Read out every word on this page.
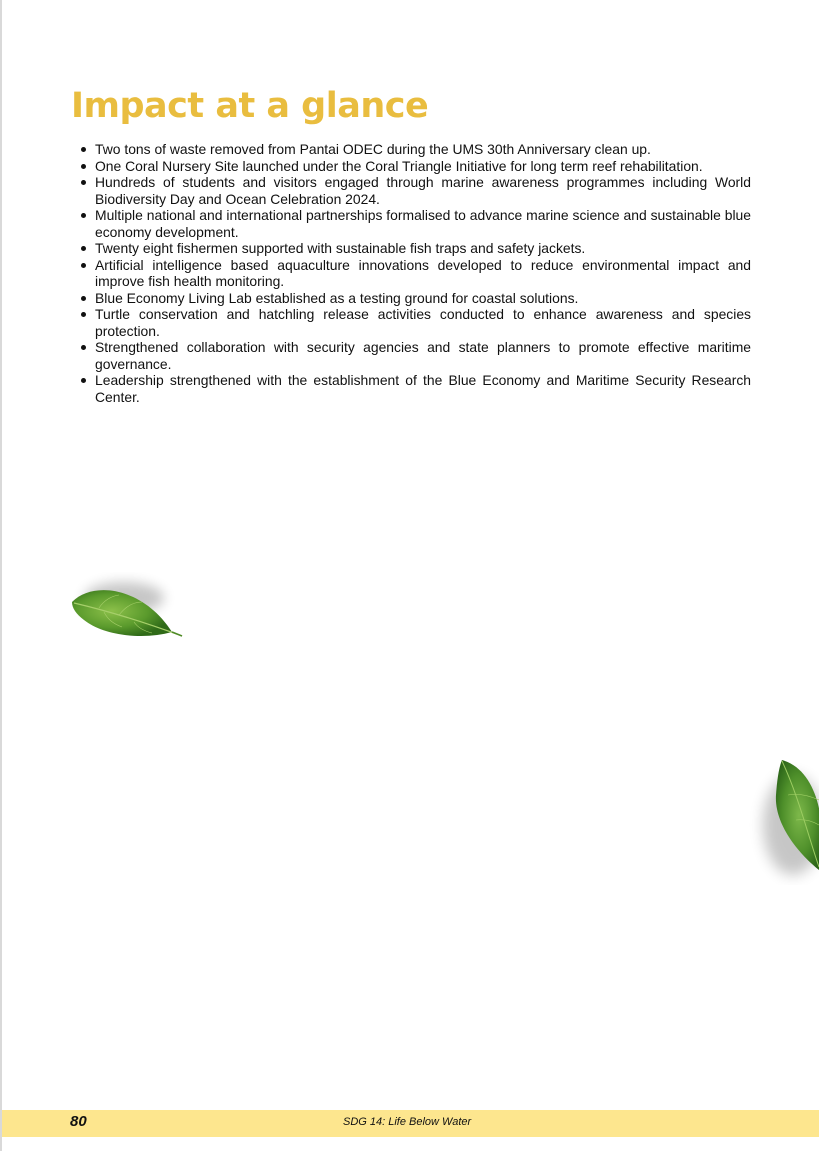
Impact at a glance
Two tons of waste removed from Pantai ODEC during the UMS 30th Anniversary clean up.
One Coral Nursery Site launched under the Coral Triangle Initiative for long term reef rehabilitation.
Hundreds of students and visitors engaged through marine awareness programmes including World Biodiversity Day and Ocean Celebration 2024.
Multiple national and international partnerships formalised to advance marine science and sustainable blue economy development.
Twenty eight fishermen supported with sustainable fish traps and safety jackets.
Artificial intelligence based aquaculture innovations developed to reduce environmental impact and improve fish health monitoring.
Blue Economy Living Lab established as a testing ground for coastal solutions.
Turtle conservation and hatchling release activities conducted to enhance awareness and species protection.
Strengthened collaboration with security agencies and state planners to promote effective maritime governance.
Leadership strengthened with the establishment of the Blue Economy and Maritime Security Research Center.
80	SDG 14: Life Below Water
